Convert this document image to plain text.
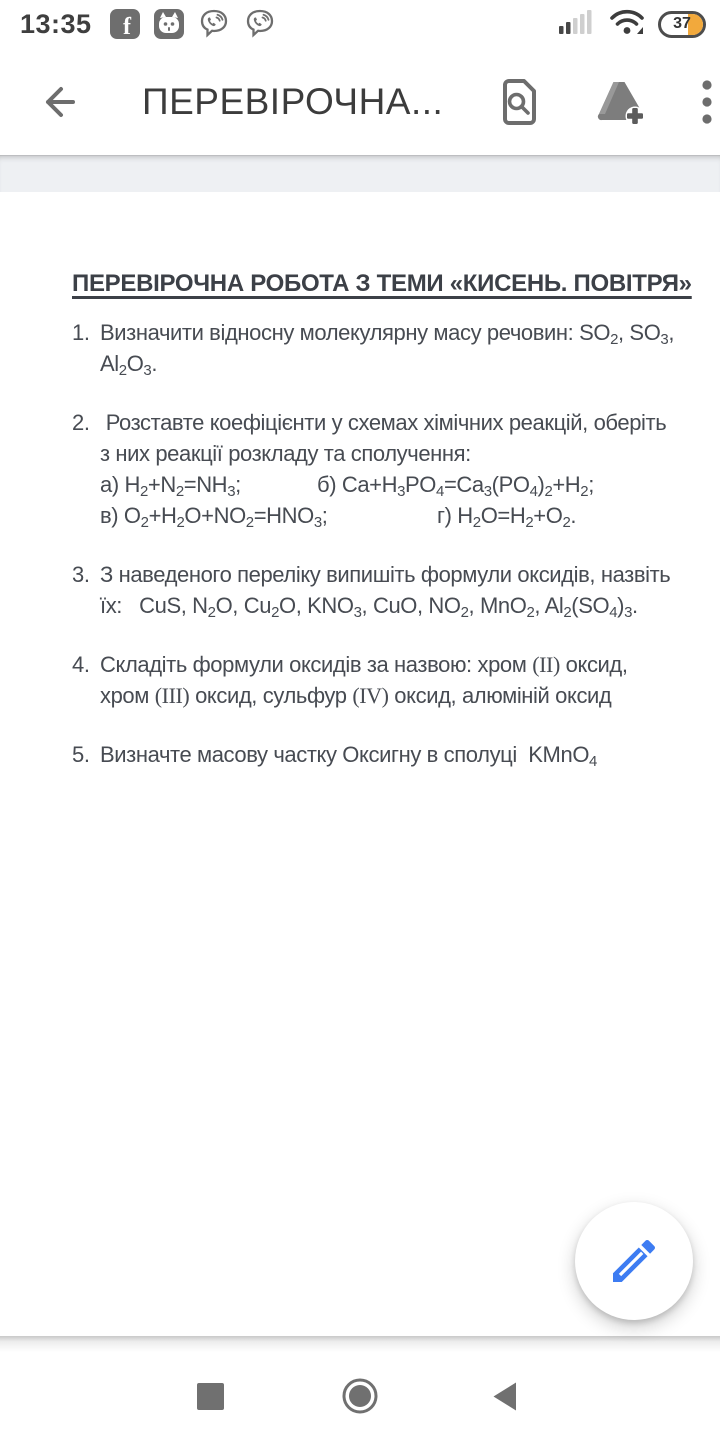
13:35 f	37
ПЕРЕВІРОЧНА...
ПЕРЕВІРОЧНА РОБОТА З ТЕМИ «КИСЕНЬ. ПОВІТРЯ»
1. Визначити відносну молекулярну масу речовин: $SO_2$, $SO_3$,
$Al_2O_3$.
2. Розставте коефіцієнти у схемах хімічних реакцій, оберіть
з них реакції розкладу та сполучення:
а) $H_2+N_2=NH_3$;	б) $Ca+H_3PO_4=Ca_3(PO_4)_2+H_2$;
в) $O_2+H_2O+NO_2=HNO_3$;	г) $H_2O=H_2+O_2$.
3. З наведеного переліку випишіть формули оксидів, назвіть
їх:   CuS, $N_2O$, $Cu_2O$, $KNO_3$, CuO, $NO_2$, MnO$_2$, $Al_2(SO_4)_3$.
4. Складіть формули оксидів за назвою: хром (II) оксид,
хром (III) оксид, сульфур (IV) оксид, алюміній оксид
5. Визначте масову частку Оксигну в сполуці  KMnO$_4$
